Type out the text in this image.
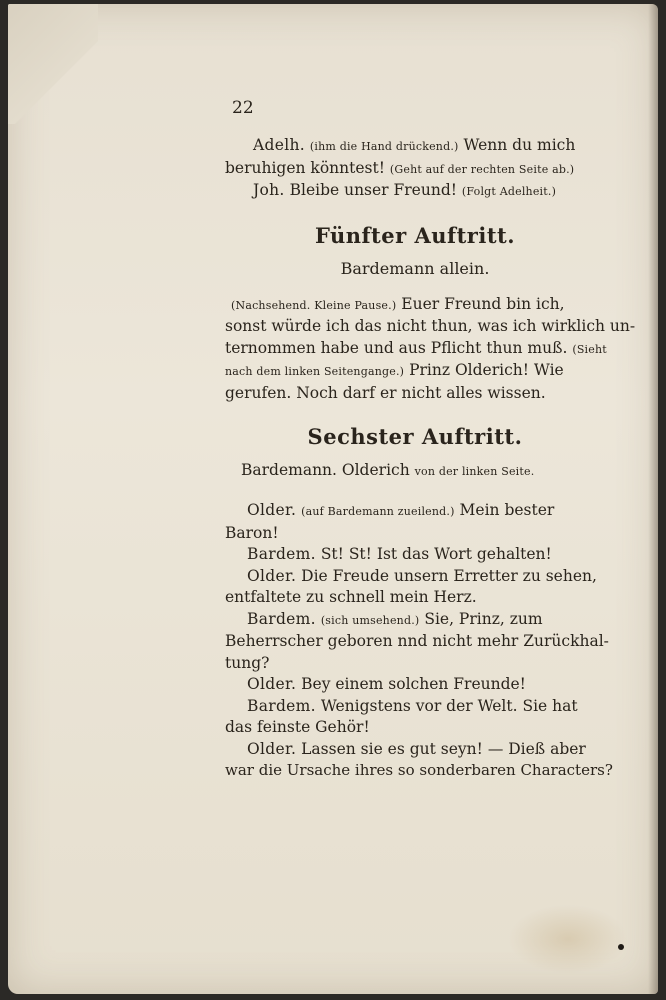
22
Adelh. (ihm die Hand drückend.) Wenn du mich
beruhigen könntest! (Geht auf der rechten Seite ab.)
Joh. Bleibe unser Freund! (Folgt Adelheit.)
Fünfter Auftritt.
Bardemann allein.
(Nachsehend. Kleine Pause.) Euer Freund bin ich,
sonst würde ich das nicht thun, was ich wirklich un-
ternommen habe und aus Pflicht thun muß. (Sieht
nach dem linken Seitengange.) Prinz Olderich! Wie
gerufen. Noch darf er nicht alles wissen.
Sechster Auftritt.
Bardemann. Olderich von der linken Seite.
Older. (auf Bardemann zueilend.) Mein bester
Baron!
Bardem. St! St! Ist das Wort gehalten!
Older. Die Freude unsern Erretter zu sehen,
entfaltete zu schnell mein Herz.
Bardem. (sich umsehend.) Sie, Prinz, zum
Beherrscher geboren nnd nicht mehr Zurückhal-
tung?
Older. Bey einem solchen Freunde!
Bardem. Wenigstens vor der Welt. Sie hat
das feinste Gehör!
Older. Lassen sie es gut seyn! — Dieß aber
war die Ursache ihres so sonderbaren Characters?
